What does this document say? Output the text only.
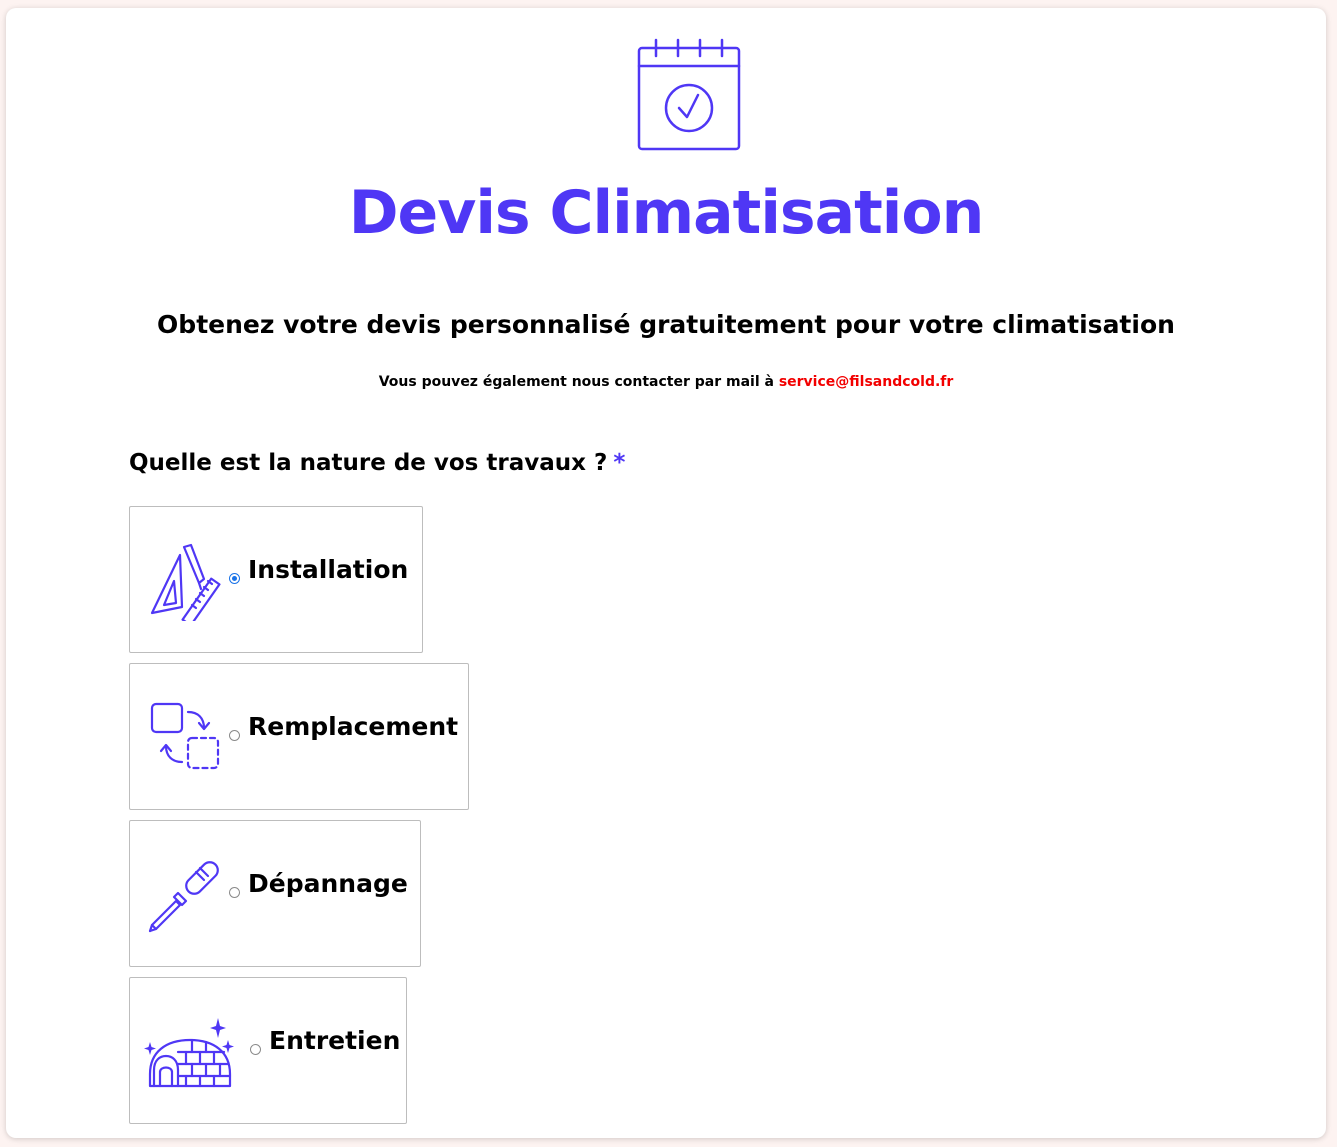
Devis Climatisation
Obtenez votre devis personnalisé gratuitement pour votre climatisation
Vous pouvez également nous contacter par mail à service@filsandcold.fr
Quelle est la nature de vos travaux ? *
Installation
Remplacement
Dépannage
Entretien
